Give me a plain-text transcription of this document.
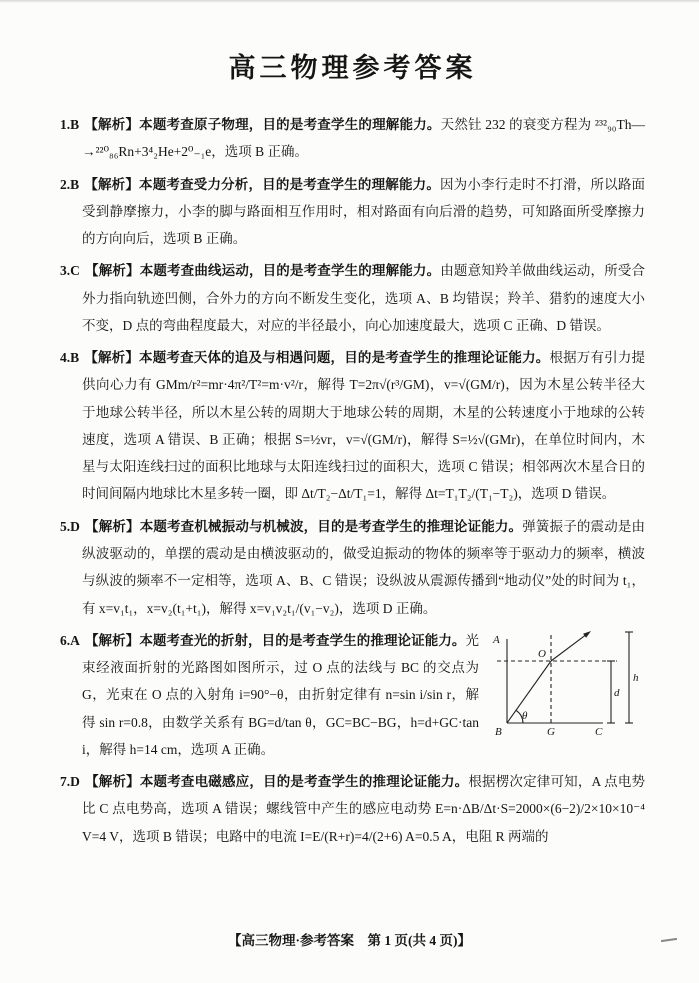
高三物理参考答案

1.B 【解析】本题考查原子物理，目的是考查学生的理解能力。天然钍 232 的衰变方程为 ²³²₉₀Th—→²²⁰₈₆Rn+3⁴₂He+2⁰₋₁e，选项 B 正确。

2.B 【解析】本题考查受力分析，目的是考查学生的理解能力。因为小李行走时不打滑，所以路面受到静摩擦力，小李的脚与路面相互作用时，相对路面有向后滑的趋势，可知路面所受摩擦力的方向向后，选项 B 正确。

3.C 【解析】本题考查曲线运动，目的是考查学生的理解能力。由题意知羚羊做曲线运动，所受合外力指向轨迹凹侧，合外力的方向不断发生变化，选项 A、B 均错误；羚羊、猎豹的速度大小不变，D 点的弯曲程度最大，对应的半径最小，向心加速度最大，选项 C 正确、D 错误。

4.B 【解析】本题考查天体的追及与相遇问题，目的是考查学生的推理论证能力。根据万有引力提供向心力有 GMm/r²=mr·4π²/T²=m·v²/r，解得 T=2π√(r³/GM)，v=√(GM/r)，因为木星公转半径大于地球公转半径，所以木星公转的周期大于地球公转的周期，木星的公转速度小于地球的公转速度，选项 A 错误、B 正确；根据 S=½vr，v=√(GM/r)，解得 S=½√(GMr)，在单位时间内，木星与太阳连线扫过的面积比地球与太阳连线扫过的面积大，选项 C 错误；相邻两次木星合日的时间间隔内地球比木星多转一圈，即 Δt/T₂−Δt/T₁=1，解得 Δt=T₁T₂/(T₁−T₂)，选项 D 错误。

5.D 【解析】本题考查机械振动与机械波，目的是考查学生的推理论证能力。弹簧振子的震动是由纵波驱动的，单摆的震动是由横波驱动的，做受迫振动的物体的频率等于驱动力的频率，横波与纵波的频率不一定相等，选项 A、B、C 错误；设纵波从震源传播到“地动仪”处的时间为 t₁，有 x=v₁t₁，x=v₂(t₁+t₁)，解得 x=v₁v₂t₁/(v₁−v₂)，选项 D 正确。

A
B	G	C
O
d
h
θ
6.A 【解析】本题考查光的折射，目的是考查学生的推理论证能力。光束经液面折射的光路图如图所示，过 O 点的法线与 BC 的交点为 G，光束在 O 点的入射角 i=90°−θ，由折射定律有 n=sin i/sin r，解得 sin r=0.8，由数学关系有 BG=d/tan θ，GC=BC−BG，h=d+GC·tan i，解得 h=14 cm，选项 A 正确。

7.D 【解析】本题考查电磁感应，目的是考查学生的推理论证能力。根据楞次定律可知，A 点电势比 C 点电势高，选项 A 错误；螺线管中产生的感应电动势 E=n·ΔB/Δt·S=2000×(6−2)/2×10×10⁻⁴ V=4 V，选项 B 错误；电路中的电流 I=E/(R+r)=4/(2+6) A=0.5 A，电阻 R 两端的

【高三物理·参考答案　第 1 页(共 4 页)】
